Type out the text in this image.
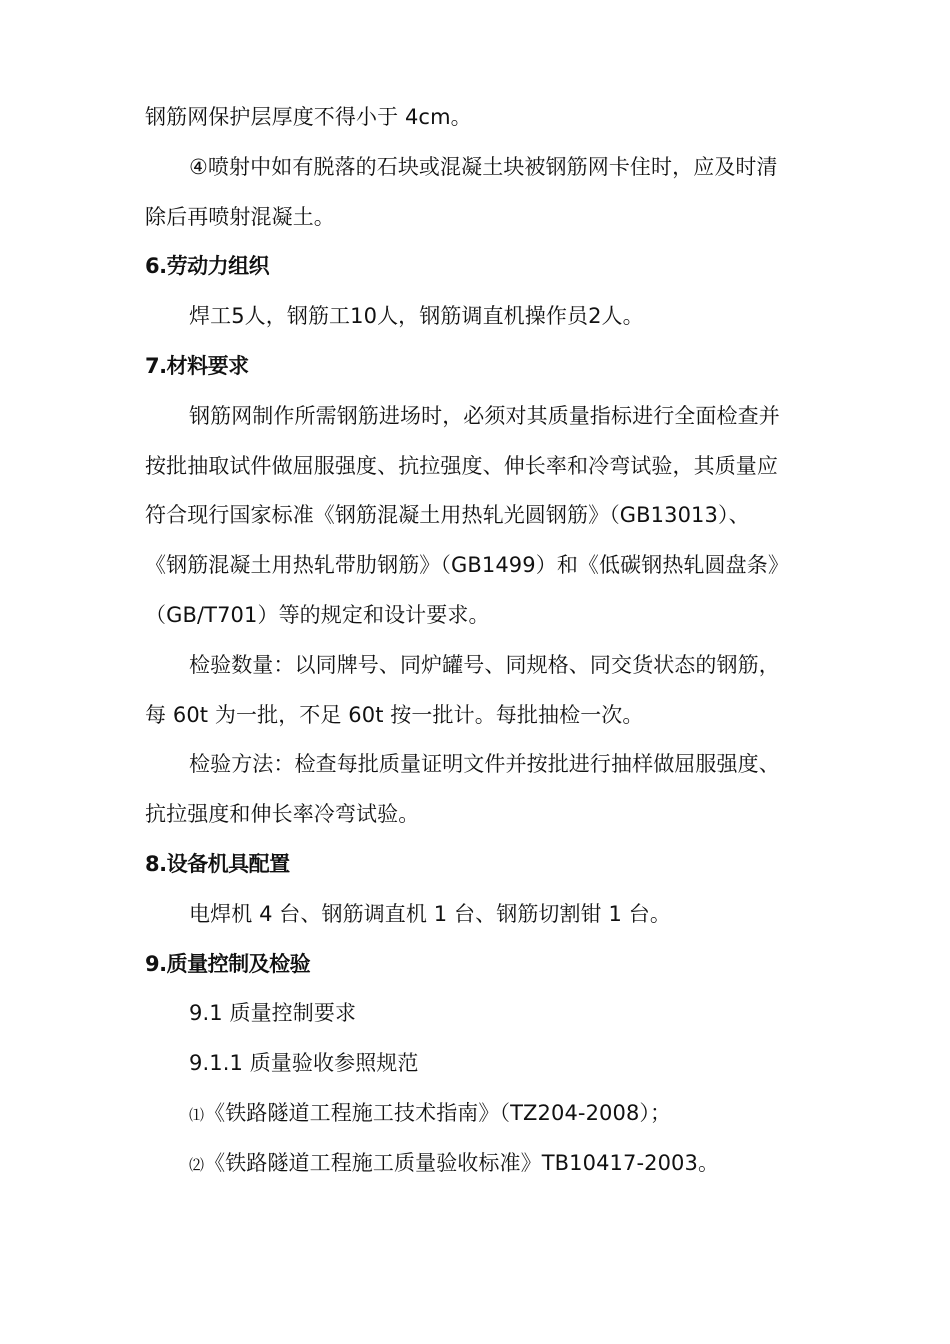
钢筋网保护层厚度不得小于 4cm。
④喷射中如有脱落的石块或混凝土块被钢筋网卡住时，应及时清
除后再喷射混凝土。
6.劳动力组织
焊工5人，钢筋工10人，钢筋调直机操作员2人。
7.材料要求
钢筋网制作所需钢筋进场时，必须对其质量指标进行全面检查并
按批抽取试件做屈服强度、抗拉强度、伸长率和冷弯试验，其质量应
符合现行国家标准《钢筋混凝土用热轧光圆钢筋》（GB13013）、
《钢筋混凝土用热轧带肋钢筋》（GB1499）和《低碳钢热轧圆盘条》
（GB/T701）等的规定和设计要求。
检验数量：以同牌号、同炉罐号、同规格、同交货状态的钢筋，
每 60t 为一批，不足 60t 按一批计。每批抽检一次。
检验方法：检查每批质量证明文件并按批进行抽样做屈服强度、
抗拉强度和伸长率冷弯试验。
8.设备机具配置
电焊机 4 台、钢筋调直机 1 台、钢筋切割钳 1 台。
9.质量控制及检验
9.1 质量控制要求
9.1.1 质量验收参照规范
⑴《铁路隧道工程施工技术指南》（TZ204-2008）；
⑵《铁路隧道工程施工质量验收标准》TB10417-2003。
